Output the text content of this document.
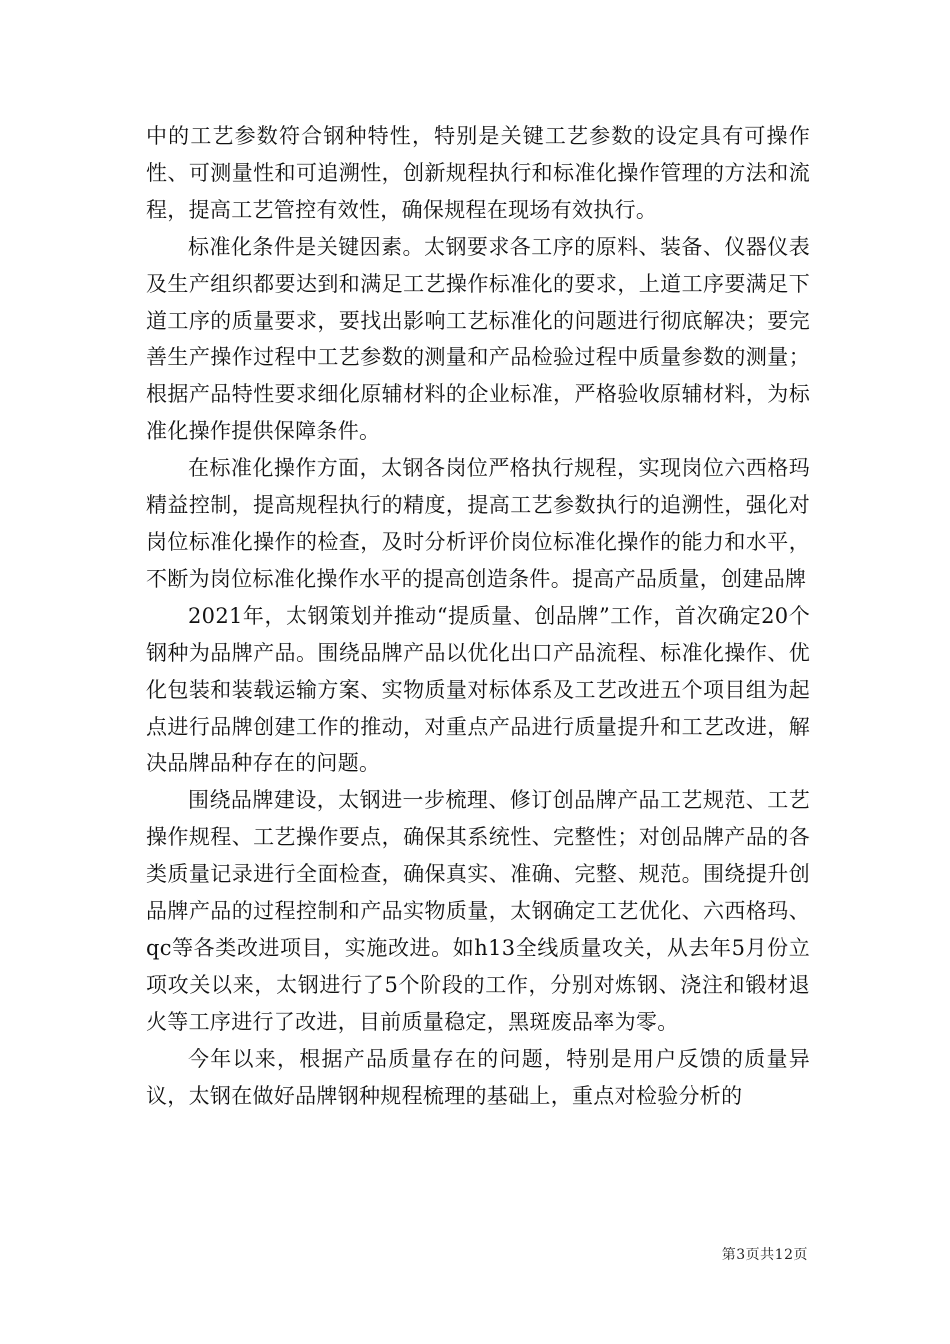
中的工艺参数符合钢种特性，特别是关键工艺参数的设定具有可操作性、可测量性和可追溯性，创新规程执行和标准化操作管理的方法和流程，提高工艺管控有效性，确保规程在现场有效执行。

标准化条件是关键因素。太钢要求各工序的原料、装备、仪器仪表及生产组织都要达到和满足工艺操作标准化的要求，上道工序要满足下道工序的质量要求，要找出影响工艺标准化的问题进行彻底解决；要完善生产操作过程中工艺参数的测量和产品检验过程中质量参数的测量；根据产品特性要求细化原辅材料的企业标准，严格验收原辅材料，为标准化操作提供保障条件。

在标准化操作方面，太钢各岗位严格执行规程，实现岗位六西格玛精益控制，提高规程执行的精度，提高工艺参数执行的追溯性，强化对岗位标准化操作的检查，及时分析评价岗位标准化操作的能力和水平，不断为岗位标准化操作水平的提高创造条件。提高产品质量，创建品牌

2021年，太钢策划并推动“提质量、创品牌”工作，首次确定20个钢种为品牌产品。围绕品牌产品以优化出口产品流程、标准化操作、优化包装和装载运输方案、实物质量对标体系及工艺改进五个项目组为起点进行品牌创建工作的推动，对重点产品进行质量提升和工艺改进，解决品牌品种存在的问题。

围绕品牌建设，太钢进一步梳理、修订创品牌产品工艺规范、工艺操作规程、工艺操作要点，确保其系统性、完整性；对创品牌产品的各类质量记录进行全面检查，确保真实、准确、完整、规范。围绕提升创品牌产品的过程控制和产品实物质量，太钢确定工艺优化、六西格玛、qc等各类改进项目，实施改进。如h13全线质量攻关，从去年5月份立项攻关以来，太钢进行了5个阶段的工作，分别对炼钢、浇注和锻材退火等工序进行了改进，目前质量稳定，黑斑废品率为零。

今年以来，根据产品质量存在的问题，特别是用户反馈的质量异议，太钢在做好品牌钢种规程梳理的基础上，重点对检验分析的

第3页共12页
